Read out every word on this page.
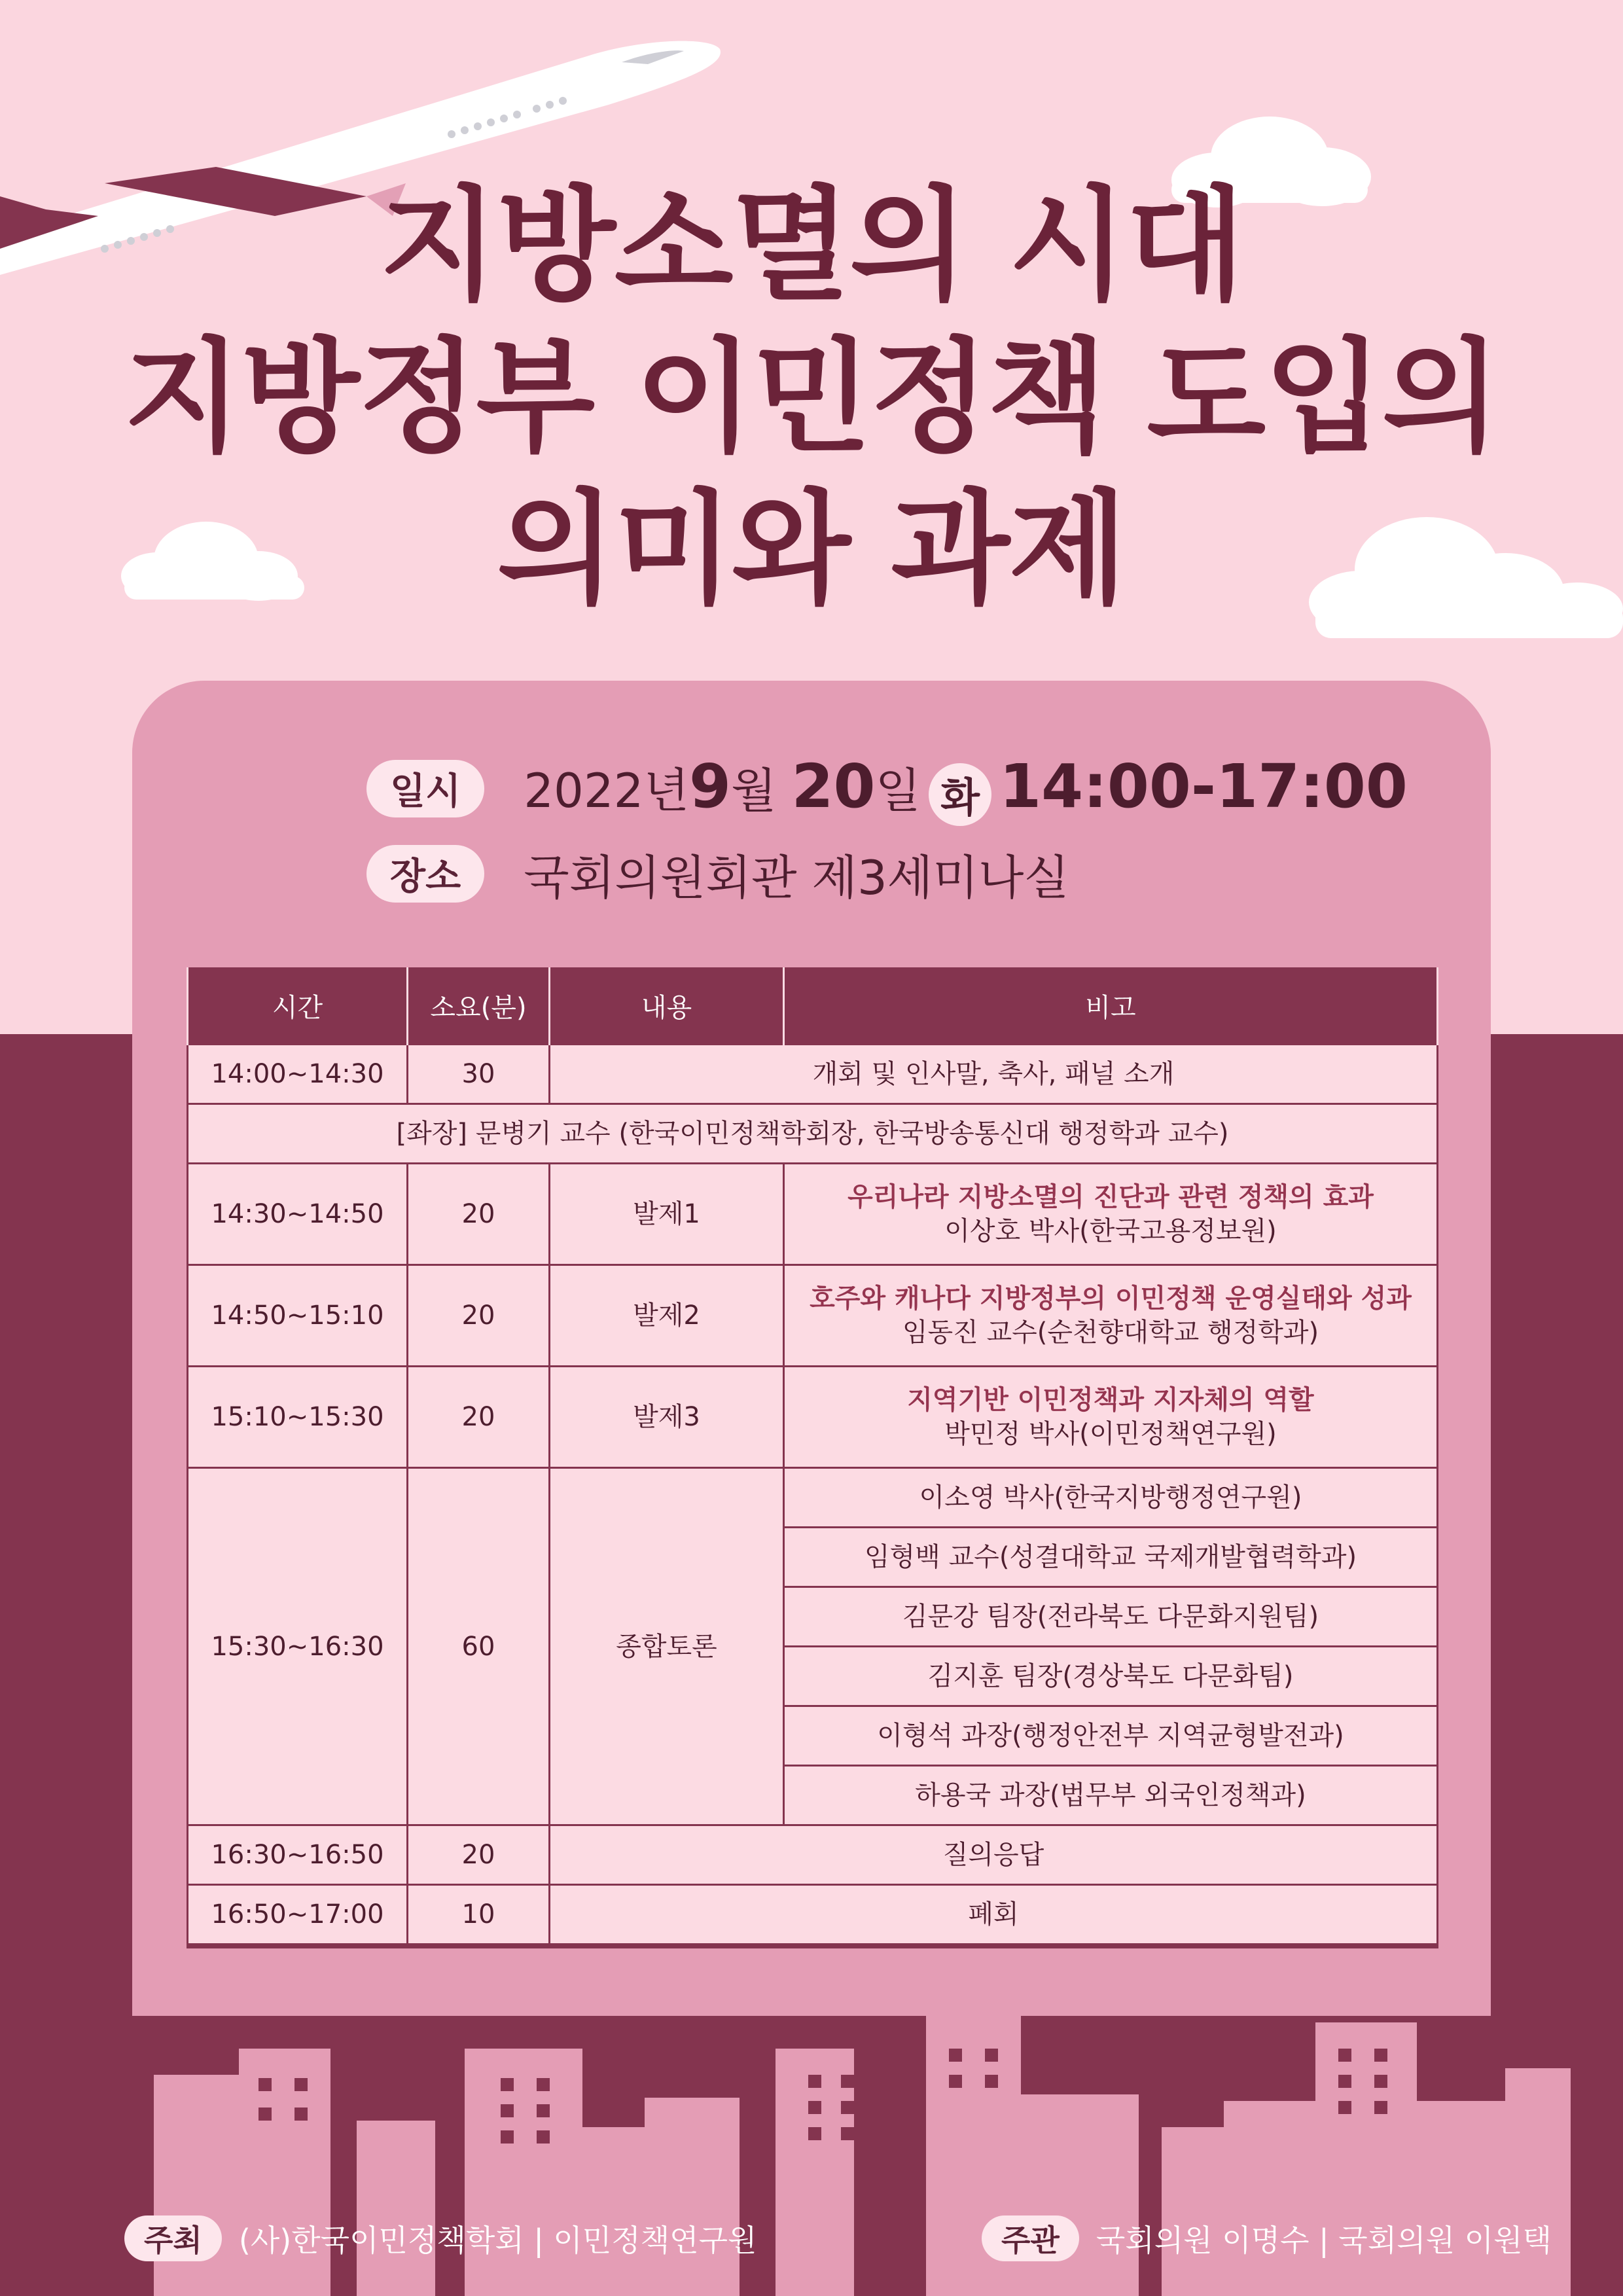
지방소멸의 시대
지방정부 이민정책 도입의
의미와 과제
일시	2022년9월 20일 화 14:00-17:00
장소	국회의원회관 제3세미나실
시간	소요(분)	내용	비고
14:00~14:30	30	개회 및 인사말, 축사, 패널 소개	
[좌장] 문병기 교수 (한국이민정책학회장, 한국방송통신대 행정학과 교수)			
14:30~14:50	20	발제1	우리나라 지방소멸의 진단과 관련 정책의 효과
이상호 박사(한국고용정보원)

14:50~15:10	20	발제2	호주와 캐나다 지방정부의 이민정책 운영실태와 성과
임동진 교수(순천향대학교 행정학과)

15:10~15:30	20	발제3	지역기반 이민정책과 지자체의 역할
박민정 박사(이민정책연구원)

15:30~16:30	60	종합토론	이소영 박사(한국지방행정연구원)
			임형백 교수(성결대학교 국제개발협력학과)
			김문강 팀장(전라북도 다문화지원팀)
			김지훈 팀장(경상북도 다문화팀)
			이형석 과장(행정안전부 지역균형발전과)
			하용국 과장(법무부 외국인정책과)
16:30~16:50	20	질의응답	
16:50~17:00	10	폐회	
주최	(사)한국이민정책학회 | 이민정책연구원	주관	국회의원 이명수 | 국회의원 이원택
